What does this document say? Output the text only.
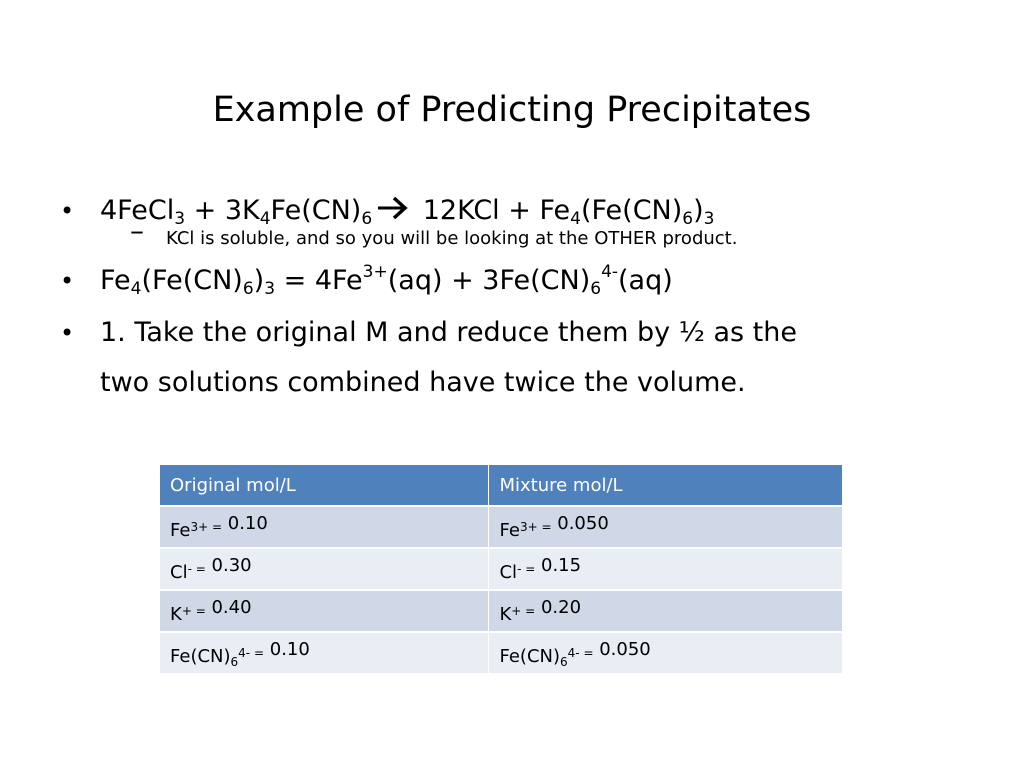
Example of Predicting Precipitates
• 4FeCl$_3$ + $3K_4Fe(CN)_6$ $12KCl + Fe_4(Fe(CN)_6)_3$
– KCl is soluble, and so you will be looking at the OTHER product.
• $Fe_4(Fe(CN)_6)_3 = 4Fe^{3+}(aq) + 3Fe(CN)_6^{4-}(aq)$
• 1. Take the original M and reduce them by ½ as the
two solutions combined have twice the volume.
Original mol/L	Mixture mol/L
$Fe^{3+}$ = 0.10	$Fe^{3+}$ = 0.050
Cl- = 0.30	Cl- = 0.15
K+ = 0.40	K+ = 0.20
$Fe(CN)_6^{4-}$ = 0.10	$Fe(CN)_6^{4-}$ = 0.050
